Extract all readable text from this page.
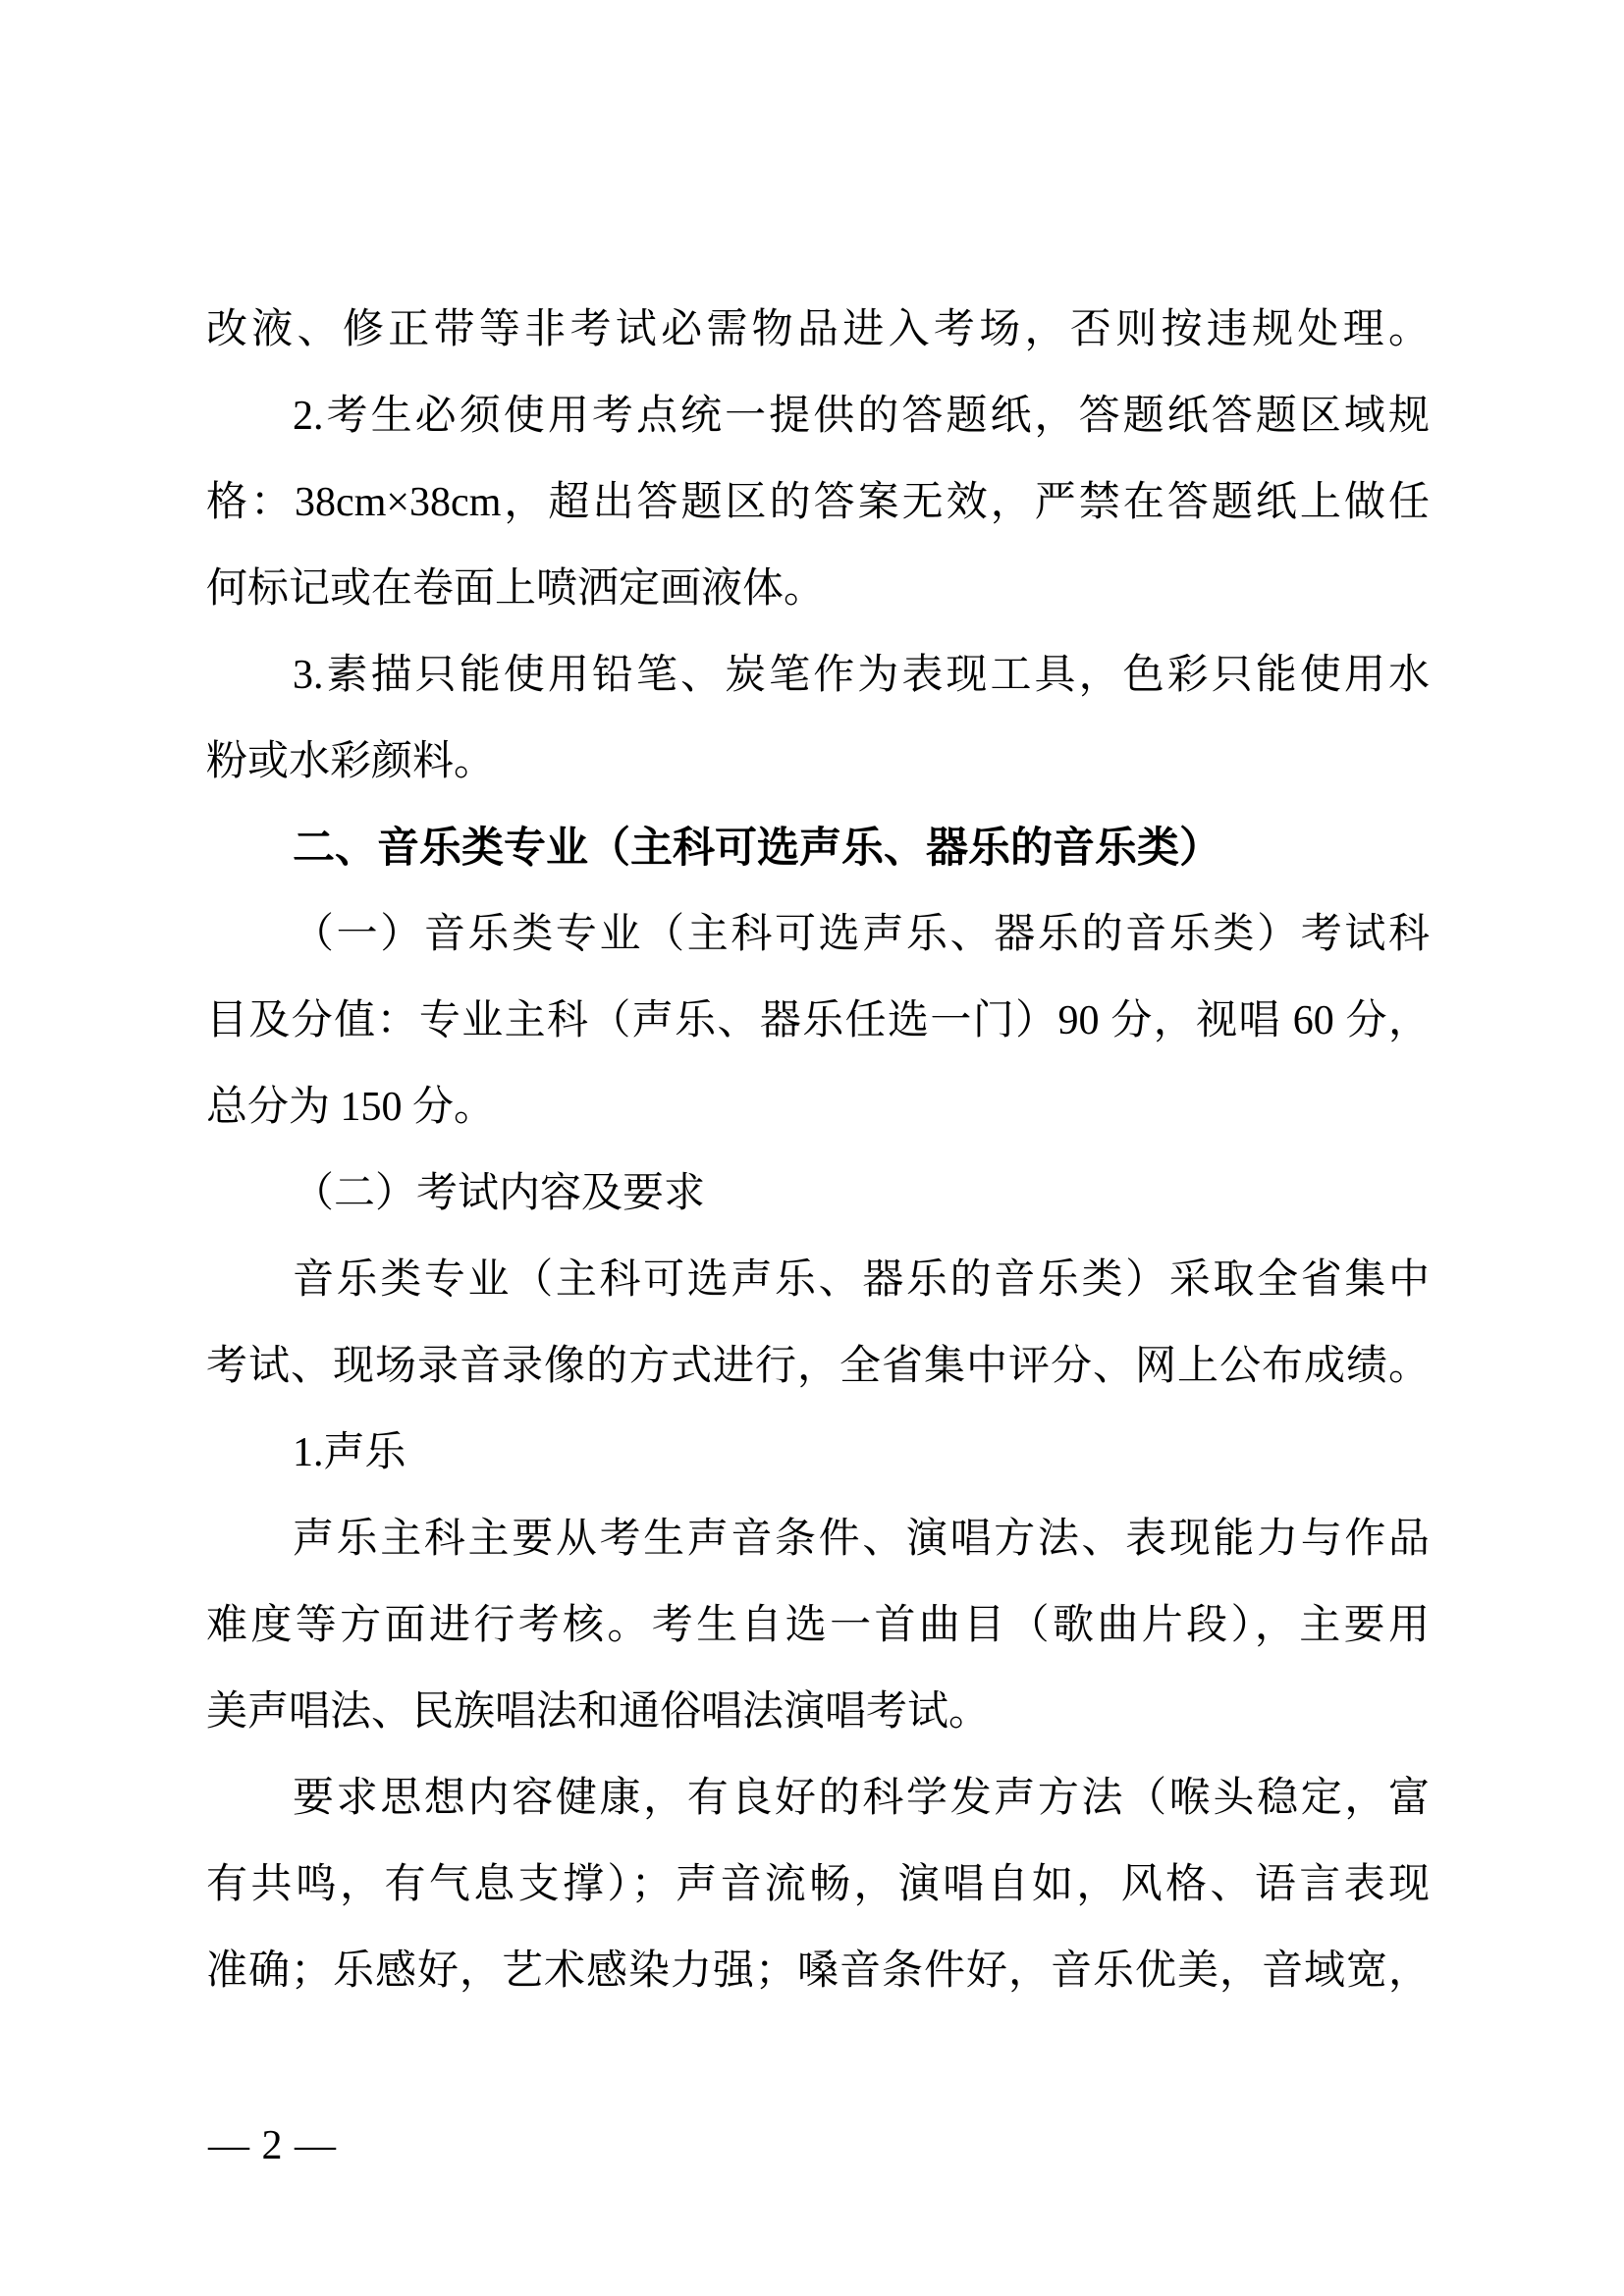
改液、修正带等非考试必需物品进入考场，否则按违规处理。
2.考生必须使用考点统一提供的答题纸，答题纸答题区域规
格：38cm×38cm，超出答题区的答案无效，严禁在答题纸上做任
何标记或在卷面上喷洒定画液体。
3.素描只能使用铅笔、炭笔作为表现工具，色彩只能使用水
粉或水彩颜料。
二、音乐类专业（主科可选声乐、器乐的音乐类）
（一）音乐类专业（主科可选声乐、器乐的音乐类）考试科
目及分值：专业主科（声乐、器乐任选一门）90 分，视唱 60 分，
总分为 150 分。
（二）考试内容及要求
音乐类专业（主科可选声乐、器乐的音乐类）采取全省集中
考试、现场录音录像的方式进行，全省集中评分、网上公布成绩。
1.声乐
声乐主科主要从考生声音条件、演唱方法、表现能力与作品
难度等方面进行考核。考生自选一首曲目（歌曲片段），主要用
美声唱法、民族唱法和通俗唱法演唱考试。
要求思想内容健康，有良好的科学发声方法（喉头稳定，富
有共鸣，有气息支撑）；声音流畅，演唱自如，风格、语言表现
准确；乐感好，艺术感染力强；嗓音条件好，音乐优美，音域宽，
— 2 —
